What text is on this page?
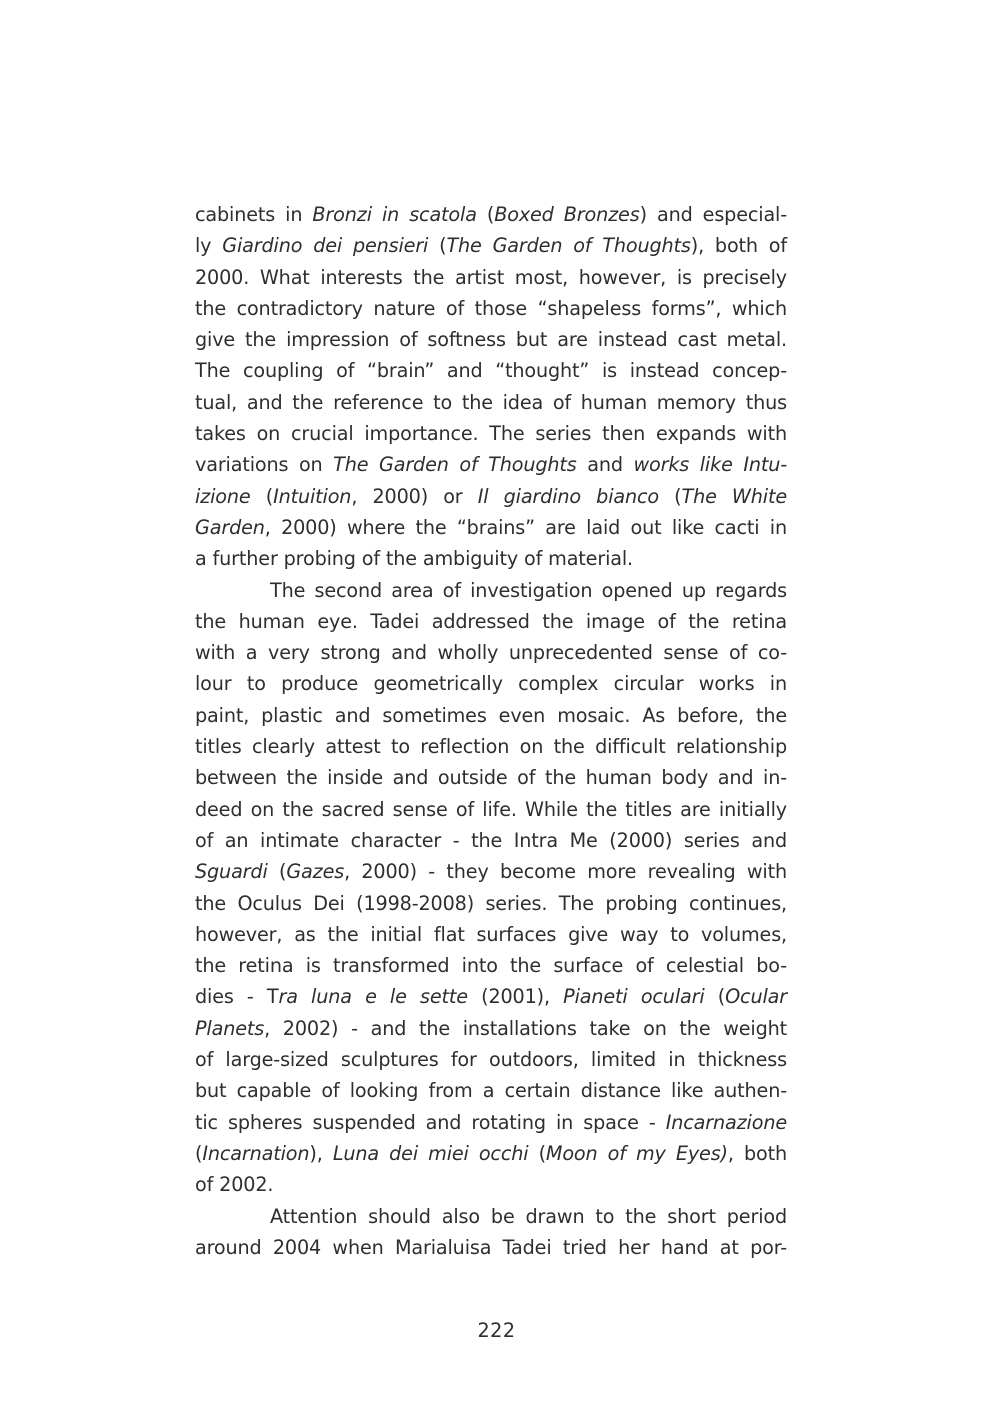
cabinets in Bronzi in scatola (Boxed Bronzes) and especial-
ly Giardino dei pensieri (The Garden of Thoughts), both of
2000. What interests the artist most, however, is precisely
the contradictory nature of those “shapeless forms”, which
give the impression of softness but are instead cast metal.
The coupling of “brain” and “thought” is instead concep-
tual, and the reference to the idea of human memory thus
takes on crucial importance. The series then expands with
variations on The Garden of Thoughts and works like Intu-
izione (Intuition, 2000) or Il giardino bianco (The White
Garden, 2000) where the “brains” are laid out like cacti in
a further probing of the ambiguity of material.
The second area of investigation opened up regards
the human eye. Tadei addressed the image of the retina
with a very strong and wholly unprecedented sense of co-
lour to produce geometrically complex circular works in
paint, plastic and sometimes even mosaic. As before, the
titles clearly attest to reflection on the difficult relationship
between the inside and outside of the human body and in-
deed on the sacred sense of life. While the titles are initially
of an intimate character - the Intra Me (2000) series and
Sguardi (Gazes, 2000) - they become more revealing with
the Oculus Dei (1998-2008) series. The probing continues,
however, as the initial flat surfaces give way to volumes,
the retina is transformed into the surface of celestial bo-
dies - Tra luna e le sette (2001), Pianeti oculari (Ocular
Planets, 2002) - and the installations take on the weight
of large-sized sculptures for outdoors, limited in thickness
but capable of looking from a certain distance like authen-
tic spheres suspended and rotating in space - Incarnazione
(Incarnation), Luna dei miei occhi (Moon of my Eyes), both
of 2002.
Attention should also be drawn to the short period
around 2004 when Marialuisa Tadei tried her hand at por-
222
